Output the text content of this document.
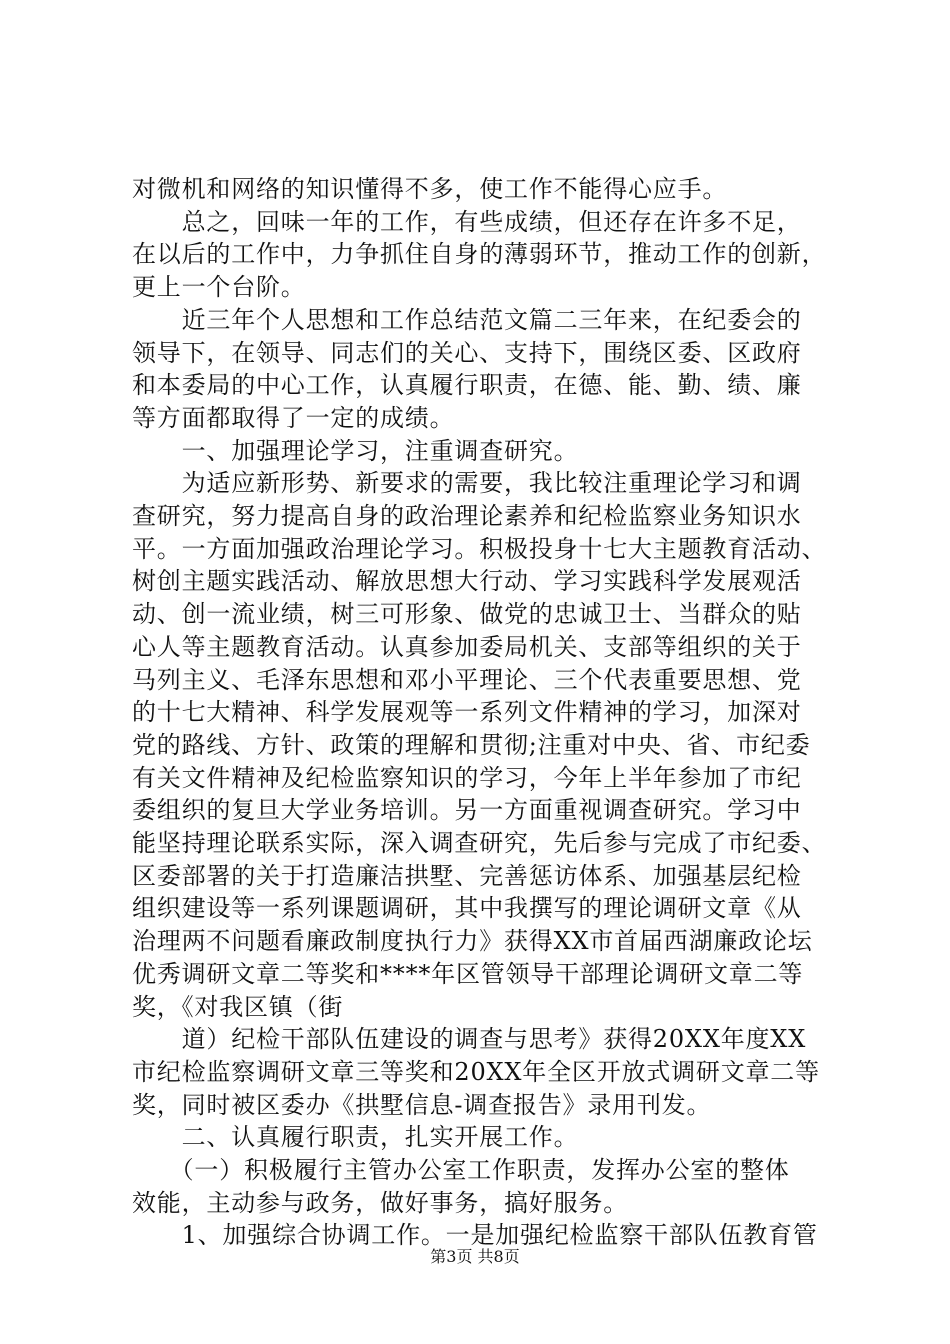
对微机和网络的知识懂得不多，使工作不能得心应手。
　　总之，回味一年的工作，有些成绩，但还存在许多不足，
在以后的工作中，力争抓住自身的薄弱环节，推动工作的创新，
更上一个台阶。
　　近三年个人思想和工作总结范文篇二三年来，在纪委会的
领导下，在领导、同志们的关心、支持下，围绕区委、区政府
和本委局的中心工作，认真履行职责，在德、能、勤、绩、廉
等方面都取得了一定的成绩。
　　一、加强理论学习，注重调查研究。
　　为适应新形势、新要求的需要，我比较注重理论学习和调
查研究，努力提高自身的政治理论素养和纪检监察业务知识水
平。一方面加强政治理论学习。积极投身十七大主题教育活动、
树创主题实践活动、解放思想大行动、学习实践科学发展观活
动、创一流业绩，树三可形象、做党的忠诚卫士、当群众的贴
心人等主题教育活动。认真参加委局机关、支部等组织的关于
马列主义、毛泽东思想和邓小平理论、三个代表重要思想、党
的十七大精神、科学发展观等一系列文件精神的学习，加深对
党的路线、方针、政策的理解和贯彻;注重对中央、省、市纪委
有关文件精神及纪检监察知识的学习，今年上半年参加了市纪
委组织的复旦大学业务培训。另一方面重视调查研究。学习中
能坚持理论联系实际，深入调查研究，先后参与完成了市纪委、
区委部署的关于打造廉洁拱墅、完善惩访体系、加强基层纪检
组织建设等一系列课题调研，其中我撰写的理论调研文章《从
治理两不问题看廉政制度执行力》获得XX市首届西湖廉政论坛
优秀调研文章二等奖和****年区管领导干部理论调研文章二等
奖，《对我区镇（街
　　道）纪检干部队伍建设的调查与思考》获得20XX年度XX
市纪检监察调研文章三等奖和20XX年全区开放式调研文章二等
奖，同时被区委办《拱墅信息-调查报告》录用刊发。
　　二、认真履行职责，扎实开展工作。
　　（一）积极履行主管办公室工作职责，发挥办公室的整体
效能，主动参与政务，做好事务，搞好服务。
　　1、加强综合协调工作。一是加强纪检监察干部队伍教育管
第3页 共8页
